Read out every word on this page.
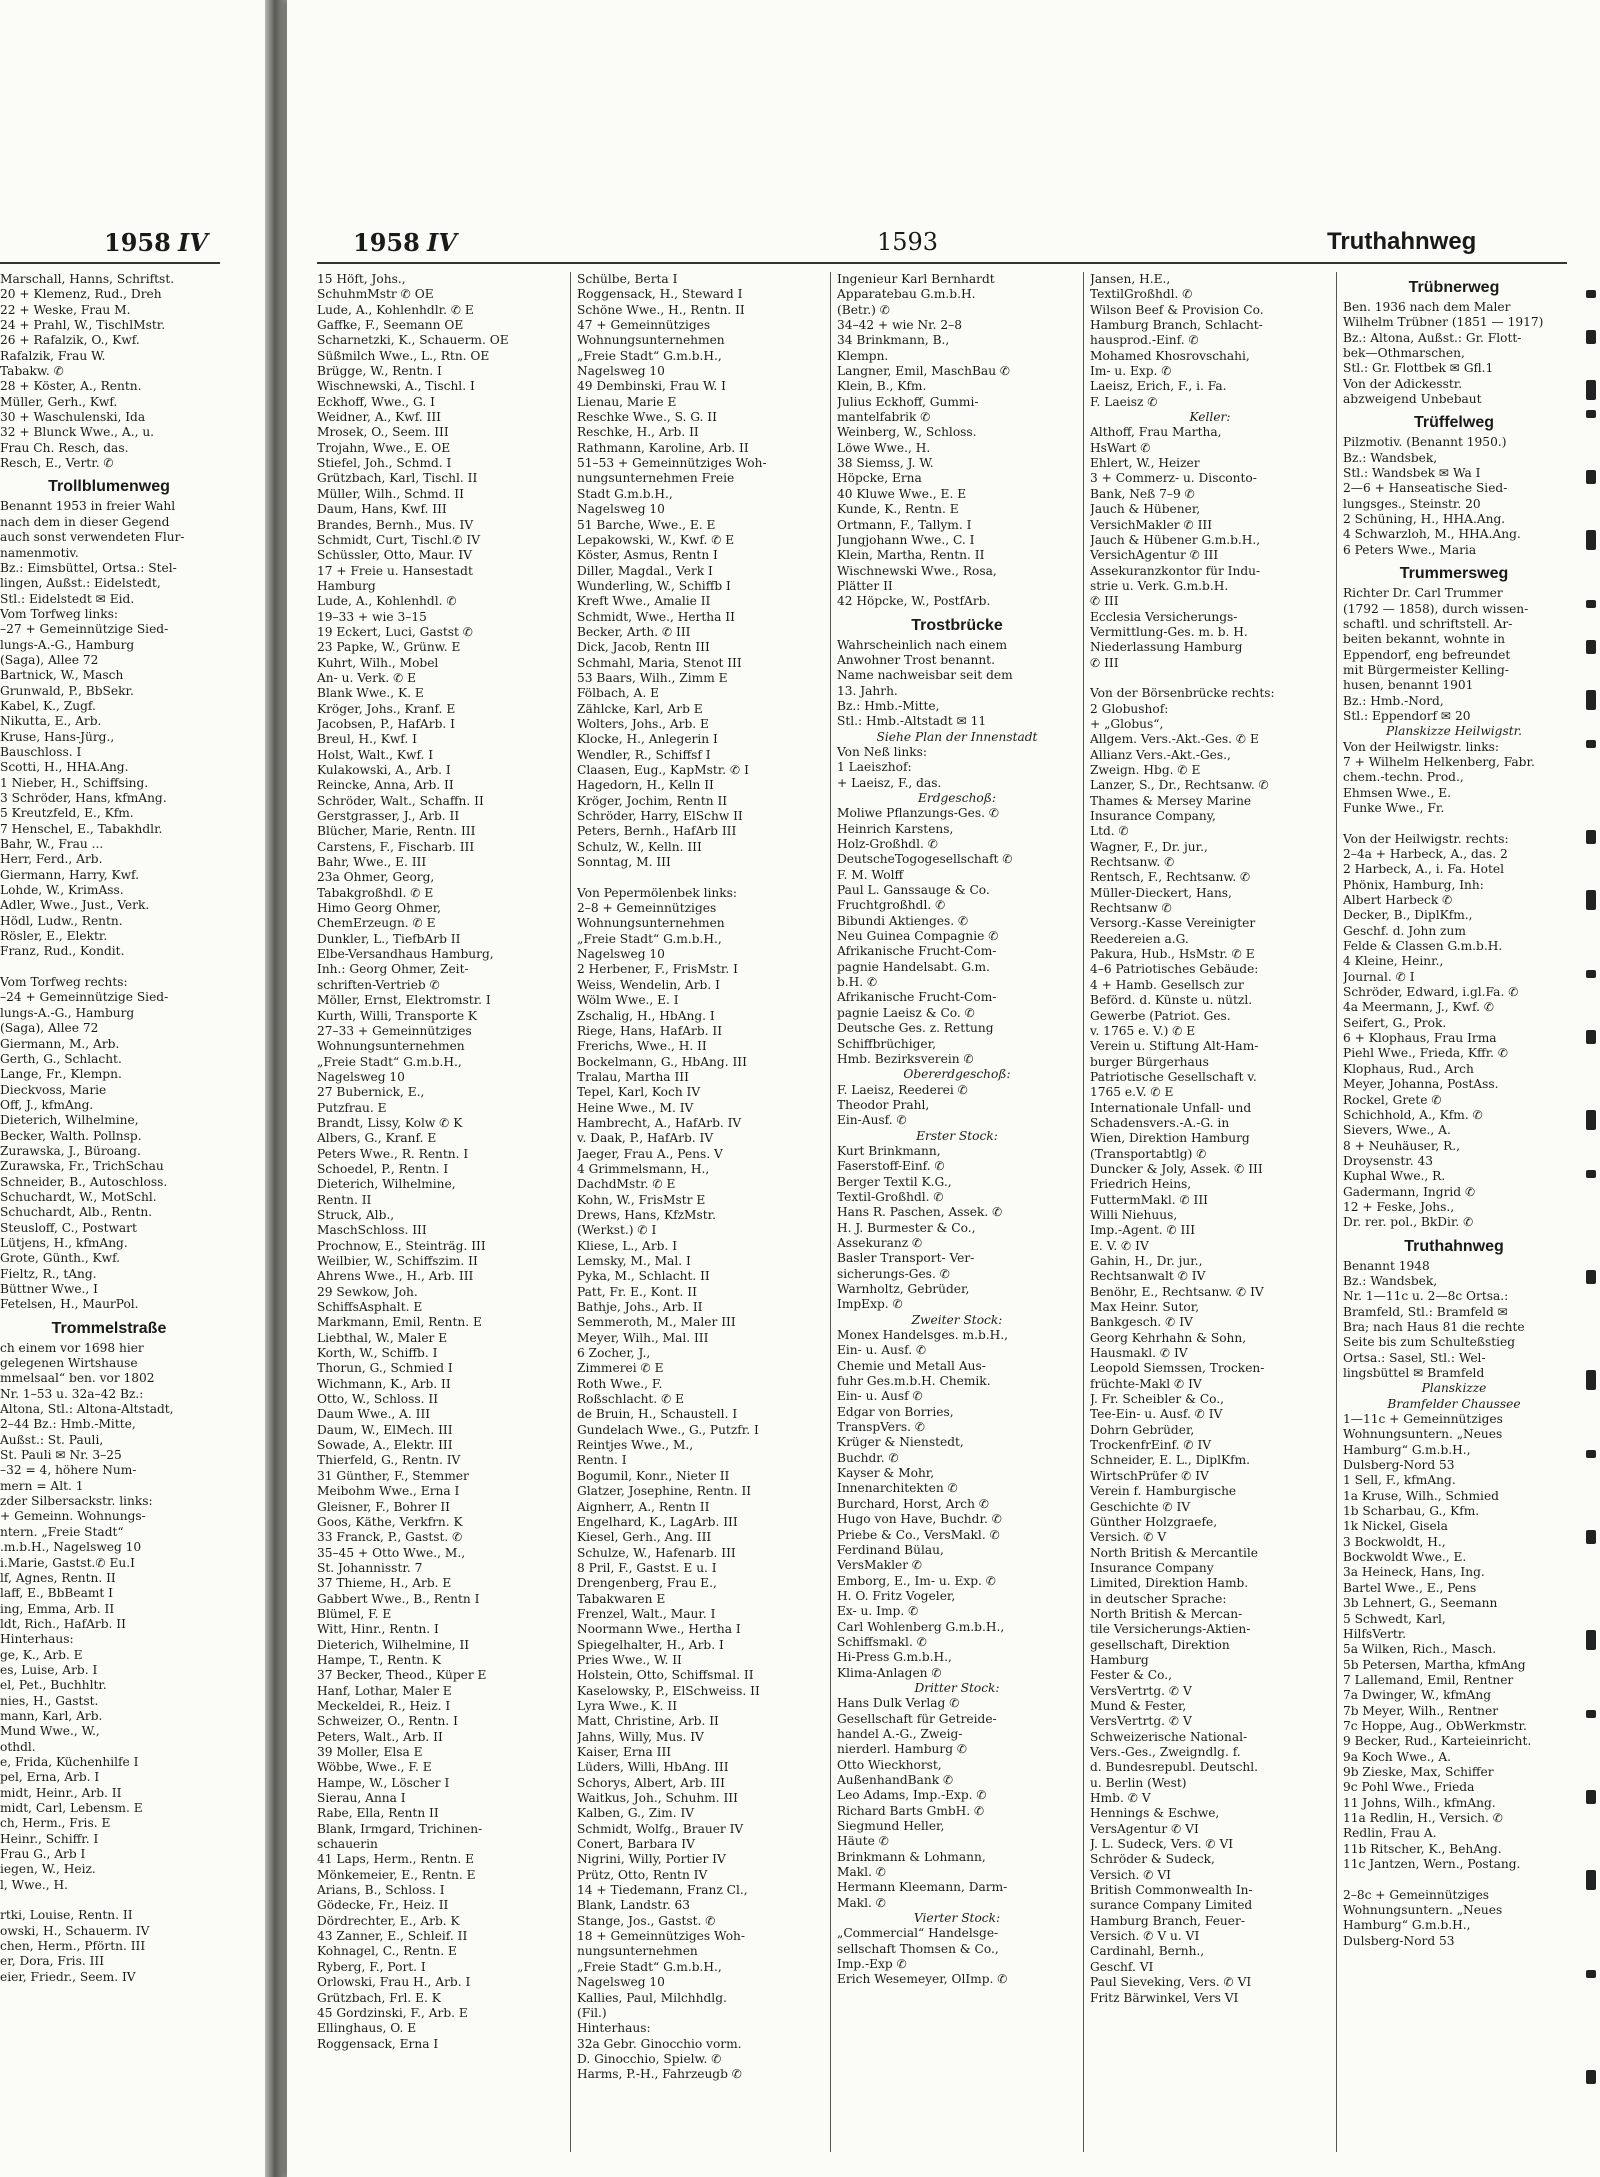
1958 IV
Marschall, Hanns, Schriftst.
20 + Klemenz, Rud., Dreh
22 + Weske, Frau M.
24 + Prahl, W., TischlMstr.
26 + Rafalzik, O., Kwf.
Rafalzik, Frau W.
Tabakw. ✆
28 + Köster, A., Rentn.
Müller, Gerh., Kwf.
30 + Waschulenski, Ida
32 + Blunck Wwe., A., u.
Frau Ch. Resch, das.
Resch, E., Vertr. ✆
Trollblumenweg
Benannt 1953 in freier Wahl
nach dem in dieser Gegend
auch sonst verwendeten Flur-
namenmotiv.
Bz.: Eimsbüttel, Ortsa.: Stel-
lingen, Außst.: Eidelstedt,
Stl.: Eidelstedt ✉ Eid.
Vom Torfweg links:
–27 + Gemeinnützige Sied-
lungs-A.-G., Hamburg
(Saga), Allee 72
Bartnick, W., Masch
Grunwald, P., BbSekr.
Kabel, K., Zugf.
Nikutta, E., Arb.
Kruse, Hans-Jürg.,
Bauschloss. I
Scotti, H., HHA.Ang.
1 Nieber, H., Schiffsing.
3 Schröder, Hans, kfmAng.
5 Kreutzfeld, E., Kfm.
7 Henschel, E., Tabakhdlr.
Bahr, W., Frau ...
Herr, Ferd., Arb.
Giermann, Harry, Kwf.
Lohde, W., KrimAss.
Adler, Wwe., Just., Verk.
Hödl, Ludw., Rentn.
Rösler, E., Elektr.
Franz, Rud., Kondit.
Vom Torfweg rechts:
–24 + Gemeinnützige Sied-
lungs-A.-G., Hamburg
(Saga), Allee 72
Giermann, M., Arb.
Gerth, G., Schlacht.
Lange, Fr., Klempn.
Dieckvoss, Marie
Off, J., kfmAng.
Dieterich, Wilhelmine,
Becker, Walth. Pollnsp.
Zurawska, J., Büroang.
Zurawska, Fr., TrichSchau
Schneider, B., Autoschloss.
Schuchardt, W., MotSchl.
Schuchardt, Alb., Rentn.
Steusloff, C., Postwart
Lütjens, H., kfmAng.
Grote, Günth., Kwf.
Fieltz, R., tAng.
Büttner Wwe., I
Fetelsen, H., MaurPol.
Trommelstraße
ch einem vor 1698 hier
gelegenen Wirtshause
mmelsaal“ ben. vor 1802
Nr. 1–53 u. 32a–42 Bz.:
Altona, Stl.: Altona-Altstadt,
2–44 Bz.: Hmb.-Mitte,
Außst.: St. Pauli,
St. Pauli ✉ Nr. 3–25
–32 = 4, höhere Num-
mern = Alt. 1
zder Silbersackstr. links:
+ Gemeinn. Wohnungs-
ntern. „Freie Stadt“
.m.b.H., Nagelsweg 10
i.Marie, Gastst.✆ Eu.I
lf, Agnes, Rentn. II
laff, E., BbBeamt I
ing, Emma, Arb. II
ldt, Rich., HafArb. II
Hinterhaus:
ge, K., Arb. E
es, Luise, Arb. I
el, Pet., Buchhltr.
nies, H., Gastst.
mann, Karl, Arb.
Mund Wwe., W.,
othdl.
e, Frida, Küchenhilfe I
pel, Erna, Arb. I
midt, Heinr., Arb. II
midt, Carl, Lebensm. E
ch, Herm., Fris. E
Heinr., Schiffr. I
Frau G., Arb I
iegen, W., Heiz.
l, Wwe., H.
rtki, Louise, Rentn. II
owski, H., Schauerm. IV
chen, Herm., Pförtn. III
er, Dora, Fris. III
eier, Friedr., Seem. IV
1958 IV	1593	Truthahnweg
15 Höft, Johs.,
SchuhmMstr ✆ OE
Lude, A., Kohlenhdlr. ✆ E
Gaffke, F., Seemann OE
Scharnetzki, K., Schauerm. OE
Süßmilch Wwe., L., Rtn. OE
Brügge, W., Rentn. I
Wischnewski, A., Tischl. I
Eckhoff, Wwe., G. I
Weidner, A., Kwf. III
Mrosek, O., Seem. III
Trojahn, Wwe., E. OE
Stiefel, Joh., Schmd. I
Grützbach, Karl, Tischl. II
Müller, Wilh., Schmd. II
Daum, Hans, Kwf. III
Brandes, Bernh., Mus. IV
Schmidt, Curt, Tischl.✆ IV
Schüssler, Otto, Maur. IV
17 + Freie u. Hansestadt
Hamburg
Lude, A., Kohlenhdl. ✆
19–33 + wie 3–15
19 Eckert, Luci, Gastst ✆
23 Papke, W., Grünw. E
Kuhrt, Wilh., Mobel
An- u. Verk. ✆ E
Blank Wwe., K. E
Kröger, Johs., Kranf. E
Jacobsen, P., HafArb. I
Breul, H., Kwf. I
Holst, Walt., Kwf. I
Kulakowski, A., Arb. I
Reincke, Anna, Arb. II
Schröder, Walt., Schaffn. II
Gerstgrasser, J., Arb. II
Blücher, Marie, Rentn. III
Carstens, F., Fischarb. III
Bahr, Wwe., E. III
23a Ohmer, Georg,
Tabakgroßhdl. ✆ E
Himo Georg Ohmer,
ChemErzeugn. ✆ E
Dunkler, L., TiefbArb II
Elbe-Versandhaus Hamburg,
Inh.: Georg Ohmer, Zeit-
schriften-Vertrieb ✆
Möller, Ernst, Elektromstr. I
Kurth, Willi, Transporte K
27–33 + Gemeinnütziges
Wohnungsunternehmen
„Freie Stadt“ G.m.b.H.,
Nagelsweg 10
27 Bubernick, E.,
Putzfrau. E
Brandt, Lissy, Kolw ✆ K
Albers, G., Kranf. E
Peters Wwe., R. Rentn. I
Schoedel, P., Rentn. I
Dieterich, Wilhelmine,
Rentn. II
Struck, Alb.,
MaschSchloss. III
Prochnow, E., Steinträg. III
Weilbier, W., Schiffszim. II
Ahrens Wwe., H., Arb. III
29 Sewkow, Joh.
SchiffsAsphalt. E
Markmann, Emil, Rentn. E
Liebthal, W., Maler E
Korth, W., Schiffb. I
Thorun, G., Schmied I
Wichmann, K., Arb. II
Otto, W., Schloss. II
Daum Wwe., A. III
Daum, W., ElMech. III
Sowade, A., Elektr. III
Thierfeld, G., Rentn. IV
31 Günther, F., Stemmer
Meibohm Wwe., Erna I
Gleisner, F., Bohrer II
Goos, Käthe, Verkfrn. K
33 Franck, P., Gastst. ✆
35–45 + Otto Wwe., M.,
St. Johannisstr. 7
37 Thieme, H., Arb. E
Gabbert Wwe., B., Rentn I
Blümel, F. E
Witt, Hinr., Rentn. I
Dieterich, Wilhelmine, II
Hampe, T., Rentn. K
37 Becker, Theod., Küper E
Hanf, Lothar, Maler E
Meckeldei, R., Heiz. I
Schweizer, O., Rentn. I
Peters, Walt., Arb. II
39 Moller, Elsa E
Wöbbe, Wwe., F. E
Hampe, W., Löscher I
Sierau, Anna I
Rabe, Ella, Rentn II
Blank, Irmgard, Trichinen-
schauerin
41 Laps, Herm., Rentn. E
Mönkemeier, E., Rentn. E
Arians, B., Schloss. I
Gödecke, Fr., Heiz. II
Dördrechter, E., Arb. K
43 Zanner, E., Schleif. II
Kohnagel, C., Rentn. E
Ryberg, F., Port. I
Orlowski, Frau H., Arb. I
Grützbach, Frl. E. K
45 Gordzinski, F., Arb. E
Ellinghaus, O. E
Roggensack, Erna I
Schülbe, Berta I
Roggensack, H., Steward I
Schöne Wwe., H., Rentn. II
47 + Gemeinnütziges
Wohnungsunternehmen
„Freie Stadt“ G.m.b.H.,
Nagelsweg 10
49 Dembinski, Frau W. I
Lienau, Marie E
Reschke Wwe., S. G. II
Reschke, H., Arb. II
Rathmann, Karoline, Arb. II
51–53 + Gemeinnütziges Woh-
nungsunternehmen Freie
Stadt G.m.b.H.,
Nagelsweg 10
51 Barche, Wwe., E. E
Lepakowski, W., Kwf. ✆ E
Köster, Asmus, Rentn I
Diller, Magdal., Verk I
Wunderling, W., Schiffb I
Kreft Wwe., Amalie II
Schmidt, Wwe., Hertha II
Becker, Arth. ✆ III
Dick, Jacob, Rentn III
Schmahl, Maria, Stenot III
53 Baars, Wilh., Zimm E
Fölbach, A. E
Zählcke, Karl, Arb E
Wolters, Johs., Arb. E
Klocke, H., Anlegerin I
Wendler, R., Schiffsf I
Claasen, Eug., KapMstr. ✆ I
Hagedorn, H., Kelln II
Kröger, Jochim, Rentn II
Schröder, Harry, ElSchw II
Peters, Bernh., HafArb III
Schulz, W., Kelln. III
Sonntag, M. III
Von Pepermölenbek links:
2–8 + Gemeinnütziges
Wohnungsunternehmen
„Freie Stadt“ G.m.b.H.,
Nagelsweg 10
2 Herbener, F., FrisMstr. I
Weiss, Wendelin, Arb. I
Wölm Wwe., E. I
Zschalig, H., HbAng. I
Riege, Hans, HafArb. II
Frerichs, Wwe., H. II
Bockelmann, G., HbAng. III
Tralau, Martha III
Tepel, Karl, Koch IV
Heine Wwe., M. IV
Hambrecht, A., HafArb. IV
v. Daak, P., HafArb. IV
Jaeger, Frau A., Pens. V
4 Grimmelsmann, H.,
DachdMstr. ✆ E
Kohn, W., FrisMstr E
Drews, Hans, KfzMstr.
(Werkst.) ✆ I
Kliese, L., Arb. I
Lemsky, M., Mal. I
Pyka, M., Schlacht. II
Patt, Fr. E., Kont. II
Bathje, Johs., Arb. II
Semmeroth, M., Maler III
Meyer, Wilh., Mal. III
6 Zocher, J.,
Zimmerei ✆ E
Roth Wwe., F.
Roßschlacht. ✆ E
de Bruin, H., Schaustell. I
Gundelach Wwe., G., Putzfr. I
Reintjes Wwe., M.,
Rentn. I
Bogumil, Konr., Nieter II
Glatzer, Josephine, Rentn. II
Aignherr, A., Rentn II
Engelhard, K., LagArb. III
Kiesel, Gerh., Ang. III
Schulze, W., Hafenarb. III
8 Pril, F., Gastst. E u. I
Drengenberg, Frau E.,
Tabakwaren E
Frenzel, Walt., Maur. I
Noormann Wwe., Hertha I
Spiegelhalter, H., Arb. I
Pries Wwe., W. II
Holstein, Otto, Schiffsmal. II
Kaselowsky, P., ElSchweiss. II
Lyra Wwe., K. II
Matt, Christine, Arb. II
Jahns, Willy, Mus. IV
Kaiser, Erna III
Lüders, Willi, HbAng. III
Schorys, Albert, Arb. III
Waitkus, Joh., Schuhm. III
Kalben, G., Zim. IV
Schmidt, Wolfg., Brauer IV
Conert, Barbara IV
Nigrini, Willy, Portier IV
Prütz, Otto, Rentn IV
14 + Tiedemann, Franz Cl.,
Blank, Landstr. 63
Stange, Jos., Gastst. ✆
18 + Gemeinnütziges Woh-
nungsunternehmen
„Freie Stadt“ G.m.b.H.,
Nagelsweg 10
Kallies, Paul, Milchhdlg.
(Fil.)
Hinterhaus:
32a Gebr. Ginocchio vorm.
D. Ginocchio, Spielw. ✆
Harms, P.-H., Fahrzeugb ✆
Ingenieur Karl Bernhardt
Apparatebau G.m.b.H.
(Betr.) ✆
34–42 + wie Nr. 2–8
34 Brinkmann, B.,
Klempn.
Langner, Emil, MaschBau ✆
Klein, B., Kfm.
Julius Eckhoff, Gummi-
mantelfabrik ✆
Weinberg, W., Schloss.
Löwe Wwe., H.
38 Siemss, J. W.
Höpcke, Erna
40 Kluwe Wwe., E. E
Kunde, K., Rentn. E
Ortmann, F., Tallym. I
Jungjohann Wwe., C. I
Klein, Martha, Rentn. II
Wischnewski Wwe., Rosa,
Plätter II
42 Höpcke, W., PostfArb.
Trostbrücke
Wahrscheinlich nach einem
Anwohner Trost benannt.
Name nachweisbar seit dem
13. Jahrh.
Bz.: Hmb.-Mitte,
Stl.: Hmb.-Altstadt ✉ 11
Siehe Plan der Innenstadt
Von Neß links:
1 Laeiszhof:
+ Laeisz, F., das.
Erdgeschoß:
Moliwe Pflanzungs-Ges. ✆
Heinrich Karstens,
Holz-Großhdl. ✆
DeutscheTogogesellschaft ✆
F. M. Wolff
Paul L. Ganssauge & Co.
Fruchtgroßhdl. ✆
Bibundi Aktienges. ✆
Neu Guinea Compagnie ✆
Afrikanische Frucht-Com-
pagnie Handelsabt. G.m.
b.H. ✆
Afrikanische Frucht-Com-
pagnie Laeisz & Co. ✆
Deutsche Ges. z. Rettung
Schiffbrüchiger,
Hmb. Bezirksverein ✆
Obererdgeschoß:
F. Laeisz, Reederei ✆
Theodor Prahl,
Ein-Ausf. ✆
Erster Stock:
Kurt Brinkmann,
Faserstoff-Einf. ✆
Berger Textil K.G.,
Textil-Großhdl. ✆
Hans R. Paschen, Assek. ✆
H. J. Burmester & Co.,
Assekuranz ✆
Basler Transport- Ver-
sicherungs-Ges. ✆
Warnholtz, Gebrüder,
ImpExp. ✆
Zweiter Stock:
Monex Handelsges. m.b.H.,
Ein- u. Ausf. ✆
Chemie und Metall Aus-
fuhr Ges.m.b.H. Chemik.
Ein- u. Ausf ✆
Edgar von Borries,
TranspVers. ✆
Krüger & Nienstedt,
Buchdr. ✆
Kayser & Mohr,
Innenarchitekten ✆
Burchard, Horst, Arch ✆
Hugo von Have, Buchdr. ✆
Priebe & Co., VersMakl. ✆
Ferdinand Bülau,
VersMakler ✆
Emborg, E., Im- u. Exp. ✆
H. O. Fritz Vogeler,
Ex- u. Imp. ✆
Carl Wohlenberg G.m.b.H.,
Schiffsmakl. ✆
Hi-Press G.m.b.H.,
Klima-Anlagen ✆
Dritter Stock:
Hans Dulk Verlag ✆
Gesellschaft für Getreide-
handel A.-G., Zweig-
nierderl. Hamburg ✆
Otto Wieckhorst,
AußenhandBank ✆
Leo Adams, Imp.-Exp. ✆
Richard Barts GmbH. ✆
Siegmund Heller,
Häute ✆
Brinkmann & Lohmann,
Makl. ✆
Hermann Kleemann, Darm-
Makl. ✆
Vierter Stock:
„Commercial“ Handelsge-
sellschaft Thomsen & Co.,
Imp.-Exp ✆
Erich Wesemeyer, OlImp. ✆
Jansen, H.E.,
TextilGroßhdl. ✆
Wilson Beef & Provision Co.
Hamburg Branch, Schlacht-
hausprod.-Einf. ✆
Mohamed Khosrovschahi,
Im- u. Exp. ✆
Laeisz, Erich, F., i. Fa.
F. Laeisz ✆
Keller:
Althoff, Frau Martha,
HsWart ✆
Ehlert, W., Heizer
3 + Commerz- u. Disconto-
Bank, Neß 7–9 ✆
Jauch & Hübener,
VersichMakler ✆ III
Jauch & Hübener G.m.b.H.,
VersichAgentur ✆ III
Assekuranzkontor für Indu-
strie u. Verk. G.m.b.H.
✆ III
Ecclesia Versicherungs-
Vermittlung-Ges. m. b. H.
Niederlassung Hamburg
✆ III
Von der Börsenbrücke rechts:
2 Globushof:
+ „Globus“,
Allgem. Vers.-Akt.-Ges. ✆ E
Allianz Vers.-Akt.-Ges.,
Zweign. Hbg. ✆ E
Lanzer, S., Dr., Rechtsanw. ✆
Thames & Mersey Marine
Insurance Company,
Ltd. ✆
Wagner, F., Dr. jur.,
Rechtsanw. ✆
Rentsch, F., Rechtsanw. ✆
Müller-Dieckert, Hans,
Rechtsanw ✆
Versorg.-Kasse Vereinigter
Reedereien a.G.
Pakura, Hub., HsMstr. ✆ E
4–6 Patriotisches Gebäude:
4 + Hamb. Gesellsch zur
Beförd. d. Künste u. nützl.
Gewerbe (Patriot. Ges.
v. 1765 e. V.) ✆ E
Verein u. Stiftung Alt-Ham-
burger Bürgerhaus
Patriotische Gesellschaft v.
1765 e.V. ✆ E
Internationale Unfall- und
Schadensvers.-A.-G. in
Wien, Direktion Hamburg
(Transportabtlg) ✆
Duncker & Joly, Assek. ✆ III
Friedrich Heins,
FuttermMakl. ✆ III
Willi Niehuus,
Imp.-Agent. ✆ III
E. V. ✆ IV
Gahin, H., Dr. jur.,
Rechtsanwalt ✆ IV
Benöhr, E., Rechtsanw. ✆ IV
Max Heinr. Sutor,
Bankgesch. ✆ IV
Georg Kehrhahn & Sohn,
Hausmakl. ✆ IV
Leopold Siemssen, Trocken-
früchte-Makl ✆ IV
J. Fr. Scheibler & Co.,
Tee-Ein- u. Ausf. ✆ IV
Dohrn Gebrüder,
TrockenfrEinf. ✆ IV
Schneider, E. L., DiplKfm.
WirtschPrüfer ✆ IV
Verein f. Hamburgische
Geschichte ✆ IV
Günther Holzgraefe,
Versich. ✆ V
North British & Mercantile
Insurance Company
Limited, Direktion Hamb.
in deutscher Sprache:
North British & Mercan-
tile Versicherungs-Aktien-
gesellschaft, Direktion
Hamburg
Fester & Co.,
VersVertrtg. ✆ V
Mund & Fester,
VersVertrtg. ✆ V
Schweizerische National-
Vers.-Ges., Zweigndlg. f.
d. Bundesrepubl. Deutschl.
u. Berlin (West)
Hmb. ✆ V
Hennings & Eschwe,
VersAgentur ✆ VI
J. L. Sudeck, Vers. ✆ VI
Schröder & Sudeck,
Versich. ✆ VI
British Commonwealth In-
surance Company Limited
Hamburg Branch, Feuer-
Versich. ✆ V u. VI
Cardinahl, Bernh.,
Geschf. VI
Paul Sieveking, Vers. ✆ VI
Fritz Bärwinkel, Vers VI
Trübnerweg
Ben. 1936 nach dem Maler
Wilhelm Trübner (1851 — 1917)
Bz.: Altona, Außst.: Gr. Flott-
bek—Othmarschen,
Stl.: Gr. Flottbek ✉ Gfl.1
Von der Adickesstr.
abzweigend Unbebaut
Trüffelweg
Pilzmotiv. (Benannt 1950.)
Bz.: Wandsbek,
Stl.: Wandsbek ✉ Wa I
2—6 + Hanseatische Sied-
lungsges., Steinstr. 20
2 Schüning, H., HHA.Ang.
4 Schwarzloh, M., HHA.Ang.
6 Peters Wwe., Maria
Trummersweg
Richter Dr. Carl Trummer
(1792 — 1858), durch wissen-
schaftl. und schriftstell. Ar-
beiten bekannt, wohnte in
Eppendorf, eng befreundet
mit Bürgermeister Kelling-
husen, benannt 1901
Bz.: Hmb.-Nord,
Stl.: Eppendorf ✉ 20
Planskizze Heilwigstr.
Von der Heilwigstr. links:
7 + Wilhelm Helkenberg, Fabr.
chem.-techn. Prod.,
Ehmsen Wwe., E.
Funke Wwe., Fr.
Von der Heilwigstr. rechts:
2–4a + Harbeck, A., das. 2
2 Harbeck, A., i. Fa. Hotel
Phönix, Hamburg, Inh:
Albert Harbeck ✆
Decker, B., DiplKfm.,
Geschf. d. John zum
Felde & Classen G.m.b.H.
4 Kleine, Heinr.,
Journal. ✆ I
Schröder, Edward, i.gl.Fa. ✆
4a Meermann, J., Kwf. ✆
Seifert, G., Prok.
6 + Klophaus, Frau Irma
Piehl Wwe., Frieda, Kffr. ✆
Klophaus, Rud., Arch
Meyer, Johanna, PostAss.
Rockel, Grete ✆
Schichhold, A., Kfm. ✆
Sievers, Wwe., A.
8 + Neuhäuser, R.,
Droysenstr. 43
Kuphal Wwe., R.
Gadermann, Ingrid ✆
12 + Feske, Johs.,
Dr. rer. pol., BkDir. ✆
Truthahnweg
Benannt 1948
Bz.: Wandsbek,
Nr. 1—11c u. 2—8c Ortsa.:
Bramfeld, Stl.: Bramfeld ✉
Bra; nach Haus 81 die rechte
Seite bis zum Schulteßstieg
Ortsa.: Sasel, Stl.: Wel-
lingsbüttel ✉ Bramfeld
Planskizze
Bramfelder Chaussee
1—11c + Gemeinnütziges
Wohnungsuntern. „Neues
Hamburg“ G.m.b.H.,
Dulsberg-Nord 53
1 Sell, F., kfmAng.
1a Kruse, Wilh., Schmied
1b Scharbau, G., Kfm.
1k Nickel, Gisela
3 Bockwoldt, H.,
Bockwoldt Wwe., E.
3a Heineck, Hans, Ing.
Bartel Wwe., E., Pens
3b Lehnert, G., Seemann
5 Schwedt, Karl,
HilfsVertr.
5a Wilken, Rich., Masch.
5b Petersen, Martha, kfmAng
7 Lallemand, Emil, Rentner
7a Dwinger, W., kfmAng
7b Meyer, Wilh., Rentner
7c Hoppe, Aug., ObWerkmstr.
9 Becker, Rud., Karteieinricht.
9a Koch Wwe., A.
9b Zieske, Max, Schiffer
9c Pohl Wwe., Frieda
11 Johns, Wilh., kfmAng.
11a Redlin, H., Versich. ✆
Redlin, Frau A.
11b Ritscher, K., BehAng.
11c Jantzen, Wern., Postang.
2–8c + Gemeinnütziges
Wohnungsuntern. „Neues
Hamburg“ G.m.b.H.,
Dulsberg-Nord 53
